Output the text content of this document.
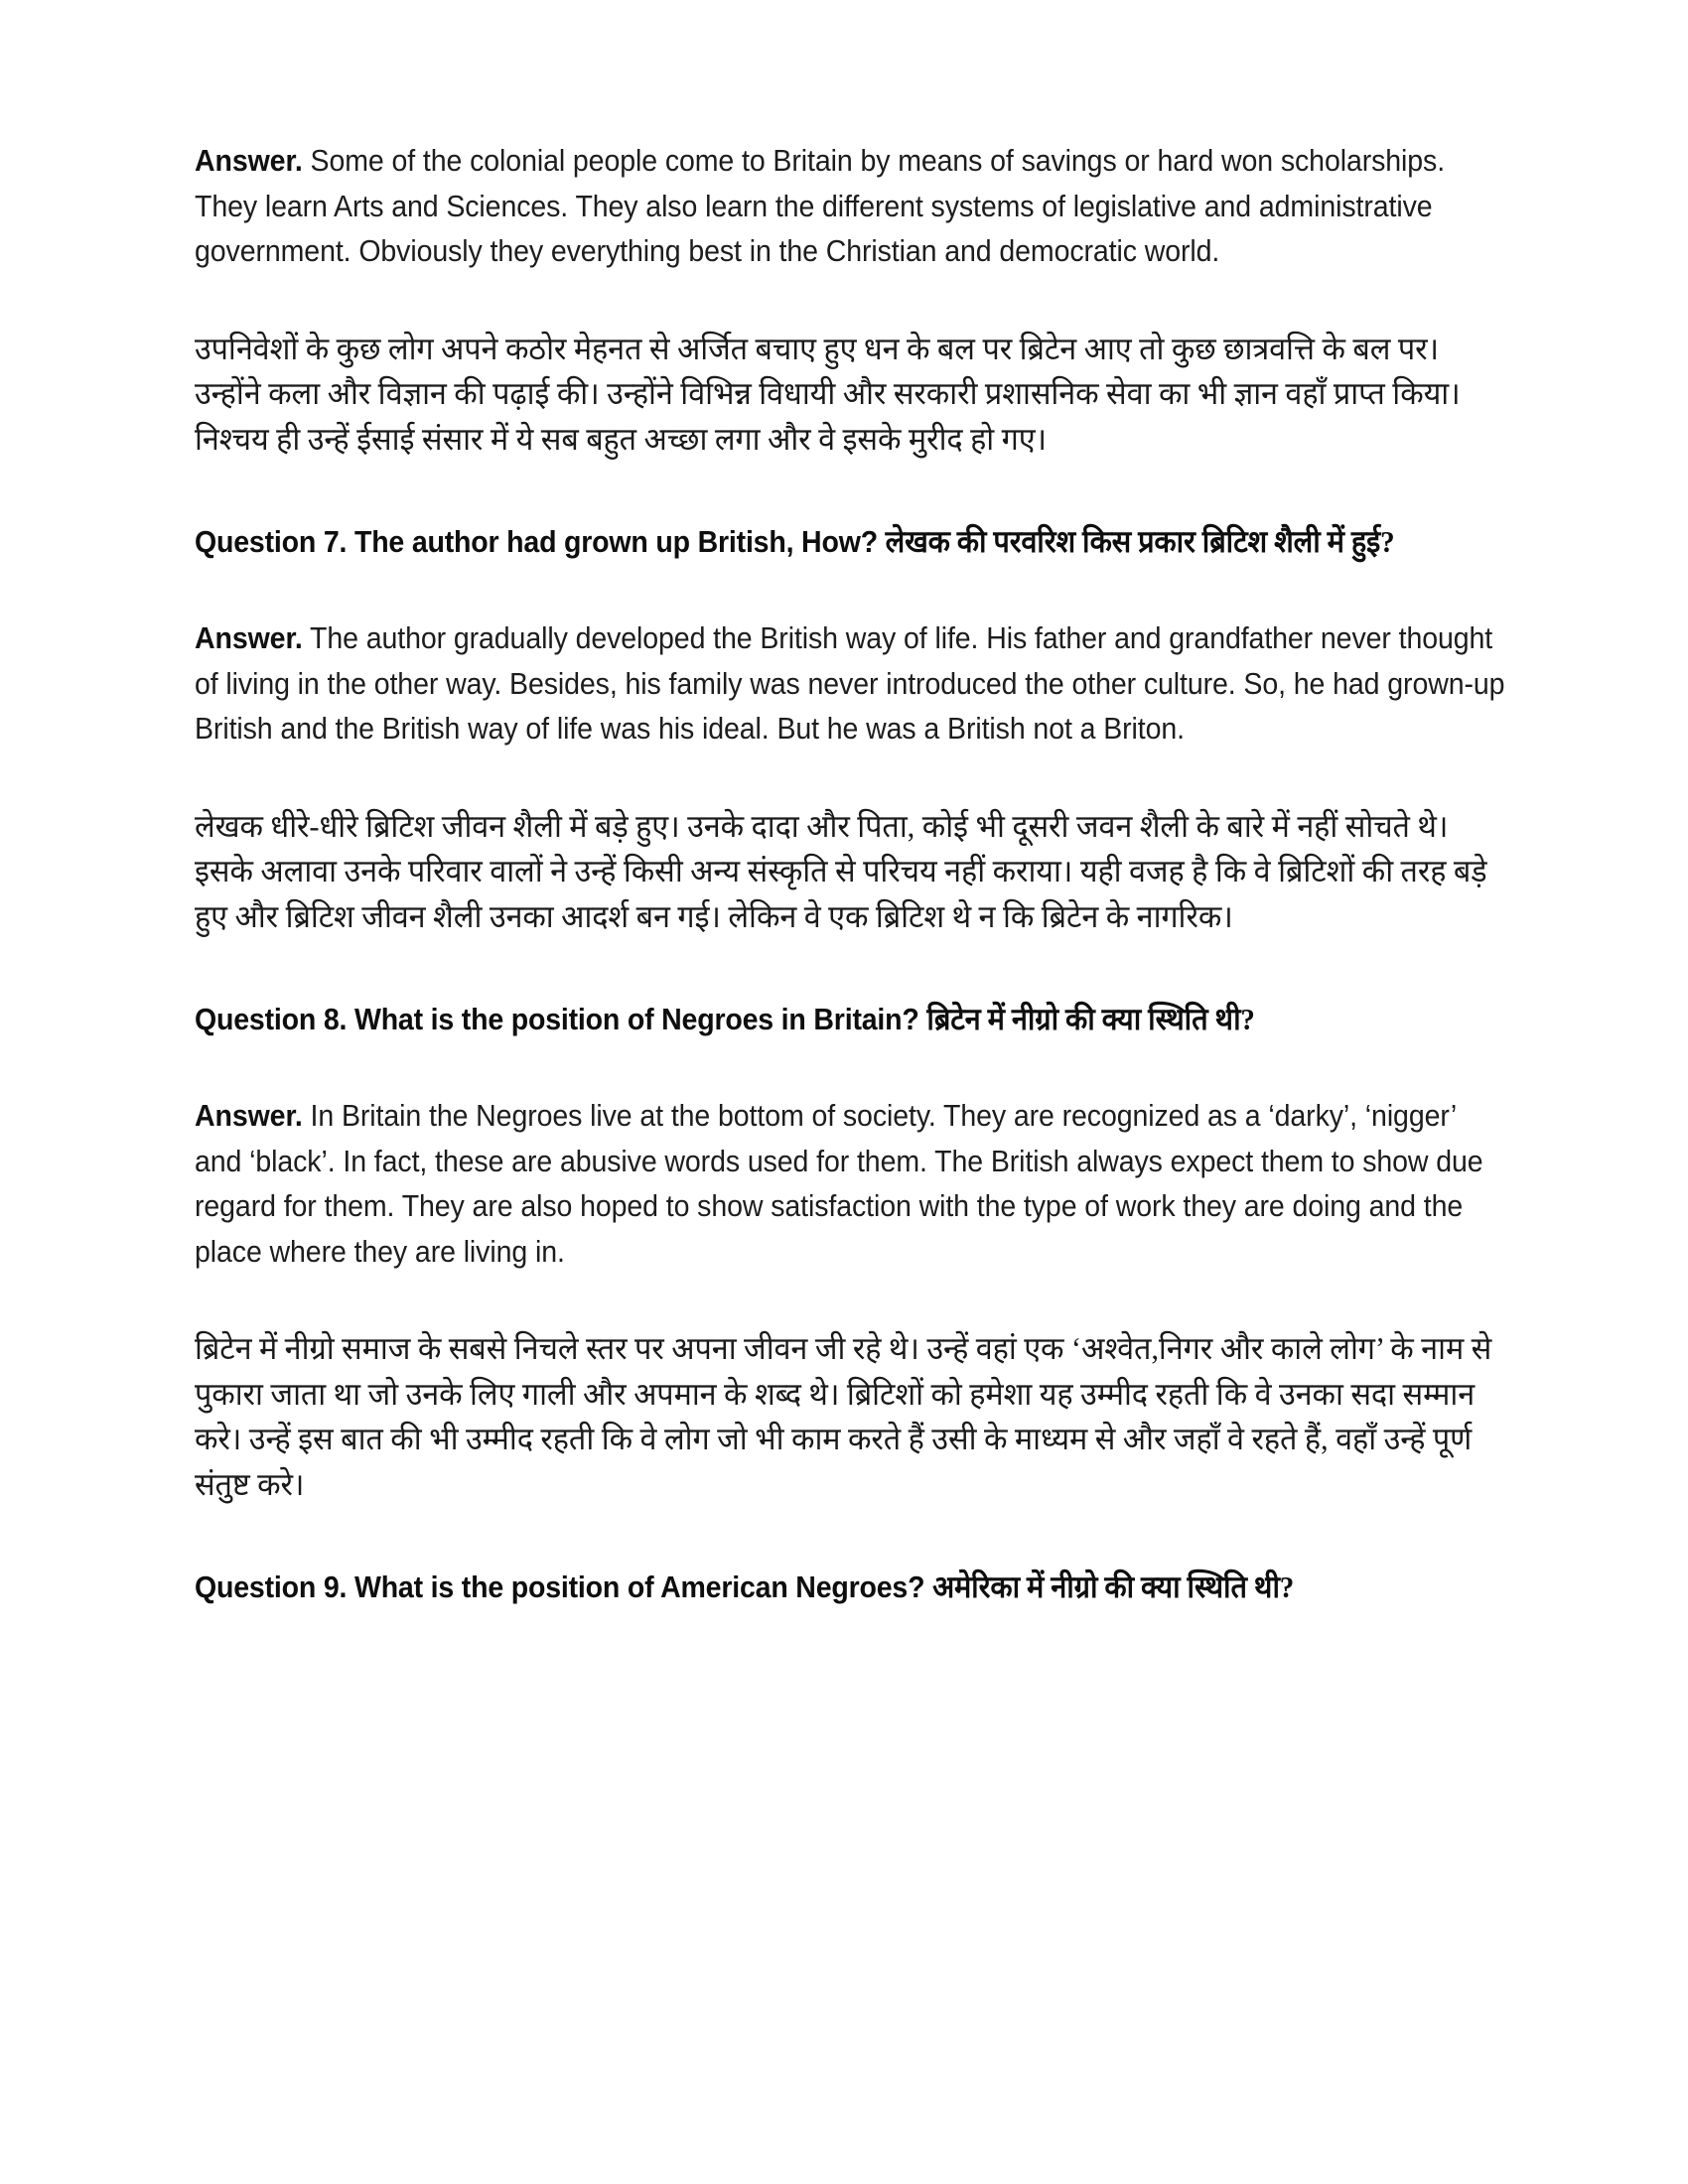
Answer. Some of the colonial people come to Britain by means of savings or hard won scholarships. They learn Arts and Sciences. They also learn the different systems of legislative and administrative government. Obviously they everything best in the Christian and democratic world.

उपनिवेशों के कुछ लोग अपने कठोर मेहनत से अर्जित बचाए हुए धन के बल पर ब्रिटेन आए तो कुछ छात्रवत्ति के बल पर। उन्होंने कला और विज्ञान की पढ़ाई की। उन्होंने विभिन्न विधायी और सरकारी प्रशासनिक सेवा का भी ज्ञान वहाँ प्राप्त किया। निश्चय ही उन्हें ईसाई संसार में ये सब बहुत अच्छा लगा और वे इसके मुरीद हो गए।

Question 7. The author had grown up British, How? लेखक की परवरिश किस प्रकार ब्रिटिश शैली में हुई?

Answer. The author gradually developed the British way of life. His father and grandfather never thought of living in the other way. Besides, his family was never introduced the other culture. So, he had grown-up British and the British way of life was his ideal. But he was a British not a Briton.

लेखक धीरे-धीरे ब्रिटिश जीवन शैली में बड़े हुए। उनके दादा और पिता, कोई भी दूसरी जवन शैली के बारे में नहीं सोचते थे। इसके अलावा उनके परिवार वालों ने उन्हें किसी अन्य संस्कृति से परिचय नहीं कराया। यही वजह है कि वे ब्रिटिशों की तरह बड़े हुए और ब्रिटिश जीवन शैली उनका आदर्श बन गई। लेकिन वे एक ब्रिटिश थे न कि ब्रिटेन के नागरिक।

Question 8. What is the position of Negroes in Britain? ब्रिटेन में नीग्रो की क्या स्थिति थी?

Answer. In Britain the Negroes live at the bottom of society. They are recognized as a ‘darky’, ‘nigger’ and ‘black’. In fact, these are abusive words used for them. The British always expect them to show due regard for them. They are also hoped to show satisfaction with the type of work they are doing and the place where they are living in.

ब्रिटेन में नीग्रो समाज के सबसे निचले स्तर पर अपना जीवन जी रहे थे। उन्हें वहां एक ‘अश्वेत,निगर और काले लोग’ के नाम से पुकारा जाता था जो उनके लिए गाली और अपमान के शब्द थे। ब्रिटिशों को हमेशा यह उम्मीद रहती कि वे उनका सदा सम्मान करे। उन्हें इस बात की भी उम्मीद रहती कि वे लोग जो भी काम करते हैं उसी के माध्यम से और जहाँ वे रहते हैं, वहाँ उन्हें पूर्ण संतुष्ट करे।

Question 9. What is the position of American Negroes? अमेरिका में नीग्रो की क्या स्थिति थी?
